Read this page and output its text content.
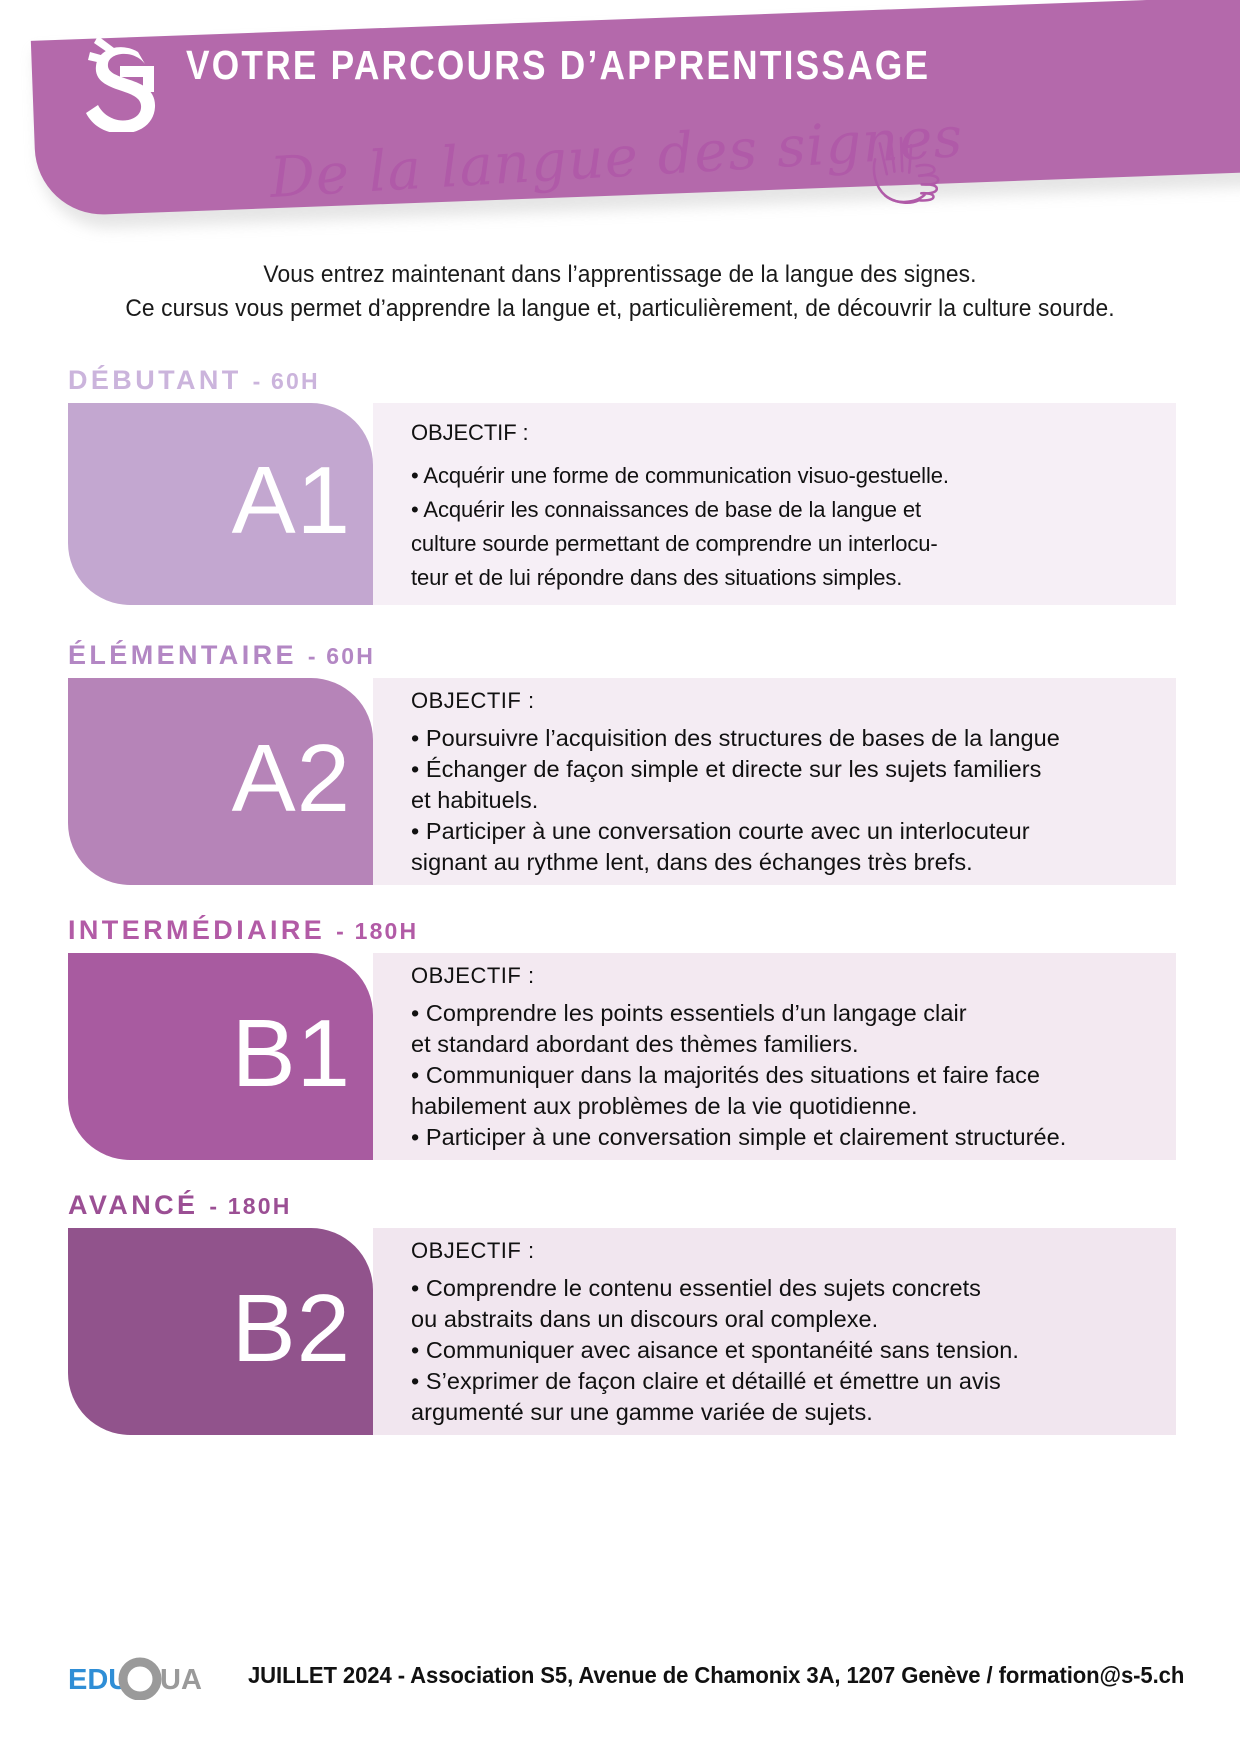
VOTRE PARCOURS D’APPRENTISSAGE
De la langue des signes

Vous entrez maintenant dans l’apprentissage de la langue des signes.

Ce cursus vous permet d’apprendre la langue et, particulièrement, de découvrir la culture sourde.

DÉBUTANT - 60H
A1
OBJECTIF :
• Acquérir une forme de communication visuo-gestuelle.
• Acquérir les connaissances de base de la langue et
culture sourde permettant de comprendre un interlocu-
teur et de lui répondre dans des situations simples.
ÉLÉMENTAIRE - 60H
A2
OBJECTIF :
• Poursuivre l’acquisition des structures de bases de la langue
• Échanger de façon simple et directe sur les sujets familiers
et habituels.
• Participer à une conversation courte avec un interlocuteur
signant au rythme lent, dans des échanges très brefs.
INTERMÉDIAIRE - 180H
B1
OBJECTIF :
• Comprendre les points essentiels d’un langage clair
et standard abordant des thèmes familiers.
• Communiquer dans la majorités des situations et faire face
habilement aux problèmes de la vie quotidienne.
• Participer à une conversation simple et clairement structurée.
AVANCÉ - 180H
B2
OBJECTIF :
• Comprendre le contenu essentiel des sujets concrets
ou abstraits dans un discours oral complexe.
• Communiquer avec aisance et spontanéité sans tension.
• S’exprimer de façon claire et détaillé et émettre un avis
argumenté sur une gamme variée de sujets.
EDU UA JUILLET 2024 - Association S5, Avenue de Chamonix 3A, 1207 Genève / formation@s-5.ch
